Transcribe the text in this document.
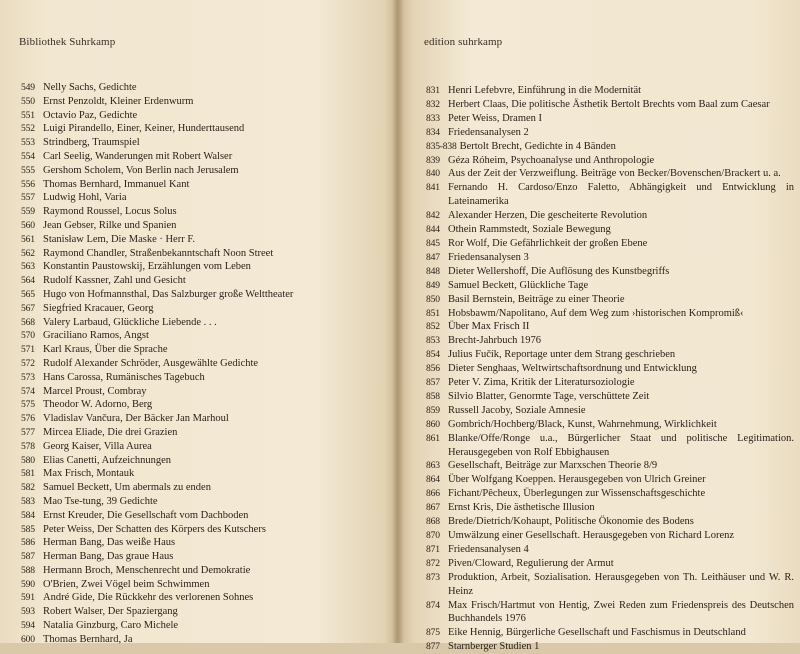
Bibliothek Suhrkamp
549 Nelly Sachs, Gedichte
550 Ernst Penzoldt, Kleiner Erdenwurm
551 Octavio Paz, Gedichte
552 Luigi Pirandello, Einer, Keiner, Hunderttausend
553 Strindberg, Traumspiel
554 Carl Seelig, Wanderungen mit Robert Walser
555 Gershom Scholem, Von Berlin nach Jerusalem
556 Thomas Bernhard, Immanuel Kant
557 Ludwig Hohl, Varia
559 Raymond Roussel, Locus Solus
560 Jean Gebser, Rilke und Spanien
561 Stanisław Lem, Die Maske · Herr F.
562 Raymond Chandler, Straßenbekanntschaft Noon Street
563 Konstantin Paustowskij, Erzählungen vom Leben
564 Rudolf Kassner, Zahl und Gesicht
565 Hugo von Hofmannsthal, Das Salzburger große Welttheater
567 Siegfried Kracauer, Georg
568 Valery Larbaud, Glückliche Liebende . . .
570 Graciliano Ramos, Angst
571 Karl Kraus, Über die Sprache
572 Rudolf Alexander Schröder, Ausgewählte Gedichte
573 Hans Carossa, Rumänisches Tagebuch
574 Marcel Proust, Combray
575 Theodor W. Adorno, Berg
576 Vladislav Vančura, Der Bäcker Jan Marhoul
577 Mircea Eliade, Die drei Grazien
578 Georg Kaiser, Villa Aurea
580 Elias Canetti, Aufzeichnungen
581 Max Frisch, Montauk
582 Samuel Beckett, Um abermals zu enden
583 Mao Tse-tung, 39 Gedichte
584 Ernst Kreuder, Die Gesellschaft vom Dachboden
585 Peter Weiss, Der Schatten des Körpers des Kutschers
586 Herman Bang, Das weiße Haus
587 Herman Bang, Das graue Haus
588 Hermann Broch, Menschenrecht und Demokratie
590 O'Brien, Zwei Vögel beim Schwimmen
591 André Gide, Die Rückkehr des verlorenen Sohnes
593 Robert Walser, Der Spaziergang
594 Natalia Ginzburg, Caro Michele
600 Thomas Bernhard, Ja
edition suhrkamp
831 Henri Lefebvre, Einführung in die Modernität
832 Herbert Claas, Die politische Ästhetik Bertolt Brechts vom Baal zum Caesar
833 Peter Weiss, Dramen I
834 Friedensanalysen 2
835-838 Bertolt Brecht, Gedichte in 4 Bänden
839 Géza Róheim, Psychoanalyse und Anthropologie
840 Aus der Zeit der Verzweiflung. Beiträge von Becker/Bovenschen/Brackert u. a.
841 Fernando H. Cardoso/Enzo Faletto, Abhängigkeit und Entwicklung in Lateinamerika
842 Alexander Herzen, Die gescheiterte Revolution
844 Othein Rammstedt, Soziale Bewegung
845 Ror Wolf, Die Gefährlichkeit der großen Ebene
847 Friedensanalysen 3
848 Dieter Wellershoff, Die Auflösung des Kunstbegriffs
849 Samuel Beckett, Glückliche Tage
850 Basil Bernstein, Beiträge zu einer Theorie
851 Hobsbawm/Napolitano, Auf dem Weg zum ›historischen Kompromiß‹
852 Über Max Frisch II
853 Brecht-Jahrbuch 1976
854 Julius Fučík, Reportage unter dem Strang geschrieben
856 Dieter Senghaas, Weltwirtschaftsordnung und Entwicklung
857 Peter V. Zima, Kritik der Literatursoziologie
858 Silvio Blatter, Genormte Tage, verschüttete Zeit
859 Russell Jacoby, Soziale Amnesie
860 Gombrich/Hochberg/Black, Kunst, Wahrnehmung, Wirklichkeit
861 Blanke/Offe/Ronge u.a., Bürgerlicher Staat und politische Legitimation. Herausgegeben von Rolf Ebbighausen
863 Gesellschaft, Beiträge zur Marxschen Theorie 8/9
864 Über Wolfgang Koeppen. Herausgegeben von Ulrich Greiner
866 Fichant/Pêcheux, Überlegungen zur Wissenschaftsgeschichte
867 Ernst Kris, Die ästhetische Illusion
868 Brede/Dietrich/Kohaupt, Politische Ökonomie des Bodens
870 Umwälzung einer Gesellschaft. Herausgegeben von Richard Lorenz
871 Friedensanalysen 4
872 Piven/Cloward, Regulierung der Armut
873 Produktion, Arbeit, Sozialisation. Herausgegeben von Th. Leithäuser und W. R. Heinz
874 Max Frisch/Hartmut von Hentig, Zwei Reden zum Friedenspreis des Deutschen Buchhandels 1976
875 Eike Hennig, Bürgerliche Gesellschaft und Faschismus in Deutschland
877 Starnberger Studien 1
